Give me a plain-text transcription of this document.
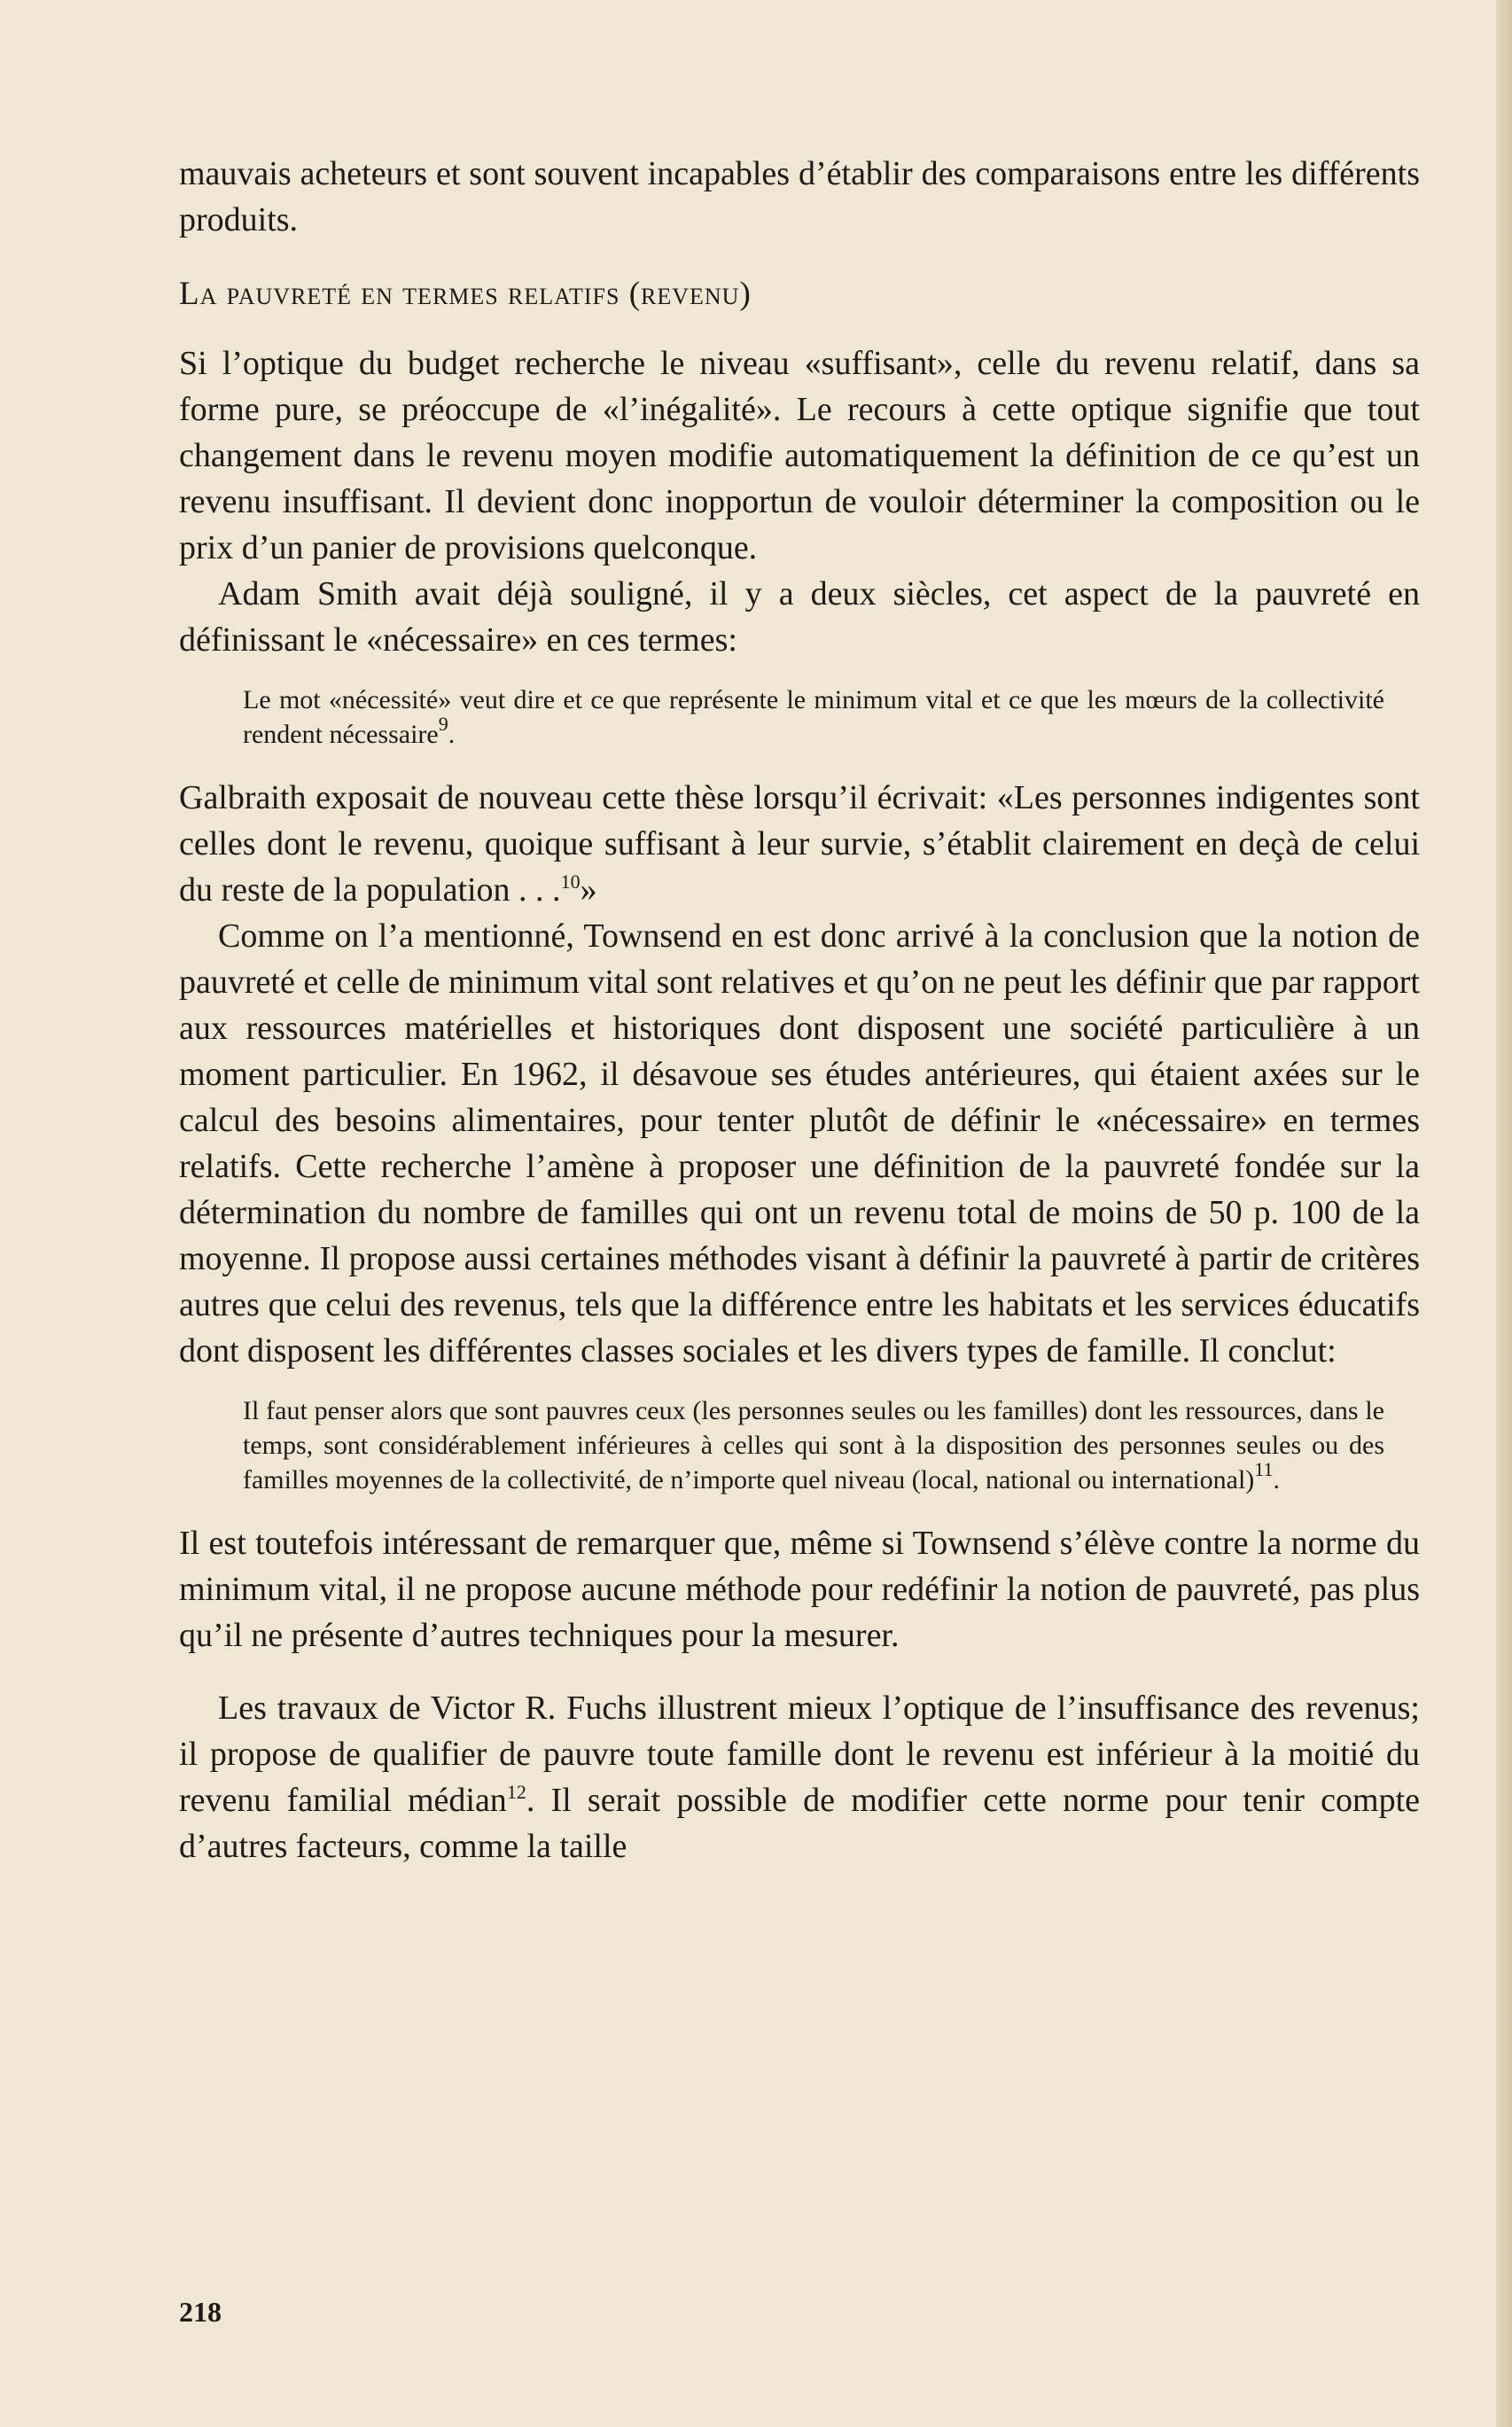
mauvais acheteurs et sont souvent incapables d’établir des comparaisons entre les différents produits.

La pauvreté en termes relatifs (revenu)

Si l’optique du budget recherche le niveau «suffisant», celle du revenu relatif, dans sa forme pure, se préoccupe de «l’inégalité». Le recours à cette optique signifie que tout changement dans le revenu moyen modifie automatiquement la définition de ce qu’est un revenu insuffisant. Il devient donc inopportun de vouloir déterminer la composition ou le prix d’un panier de provisions quelconque.

Adam Smith avait déjà souligné, il y a deux siècles, cet aspect de la pauvreté en définissant le «nécessaire» en ces termes:

Le mot «nécessité» veut dire et ce que représente le minimum vital et ce que les mœurs de la collectivité rendent nécessaire$^9$.

Galbraith exposait de nouveau cette thèse lorsqu’il écrivait: «Les personnes indigentes sont celles dont le revenu, quoique suffisant à leur survie, s’établit clairement en deçà de celui du reste de la population . . .$^{10}$»

Comme on l’a mentionné, Townsend en est donc arrivé à la conclusion que la notion de pauvreté et celle de minimum vital sont relatives et qu’on ne peut les définir que par rapport aux ressources matérielles et historiques dont disposent une société particulière à un moment particulier. En 1962, il désavoue ses études antérieures, qui étaient axées sur le calcul des besoins alimentaires, pour tenter plutôt de définir le «nécessaire» en termes relatifs. Cette recherche l’amène à proposer une définition de la pauvreté fondée sur la détermination du nombre de familles qui ont un revenu total de moins de 50 p. 100 de la moyenne. Il propose aussi certaines méthodes visant à définir la pauvreté à partir de critères autres que celui des revenus, tels que la différence entre les habitats et les services éducatifs dont disposent les différentes classes sociales et les divers types de famille. Il conclut:

Il faut penser alors que sont pauvres ceux (les personnes seules ou les familles) dont les ressources, dans le temps, sont considérablement inférieures à celles qui sont à la disposition des personnes seules ou des familles moyennes de la collectivité, de n’importe quel niveau (local, national ou international)$^{11}$.

Il est toutefois intéressant de remarquer que, même si Townsend s’élève contre la norme du minimum vital, il ne propose aucune méthode pour redéfinir la notion de pauvreté, pas plus qu’il ne présente d’autres techniques pour la mesurer.

Les travaux de Victor R. Fuchs illustrent mieux l’optique de l’insuffisance des revenus; il propose de qualifier de pauvre toute famille dont le revenu est inférieur à la moitié du revenu familial médian$^{12}$. Il serait possible de modifier cette norme pour tenir compte d’autres facteurs, comme la taille

218
